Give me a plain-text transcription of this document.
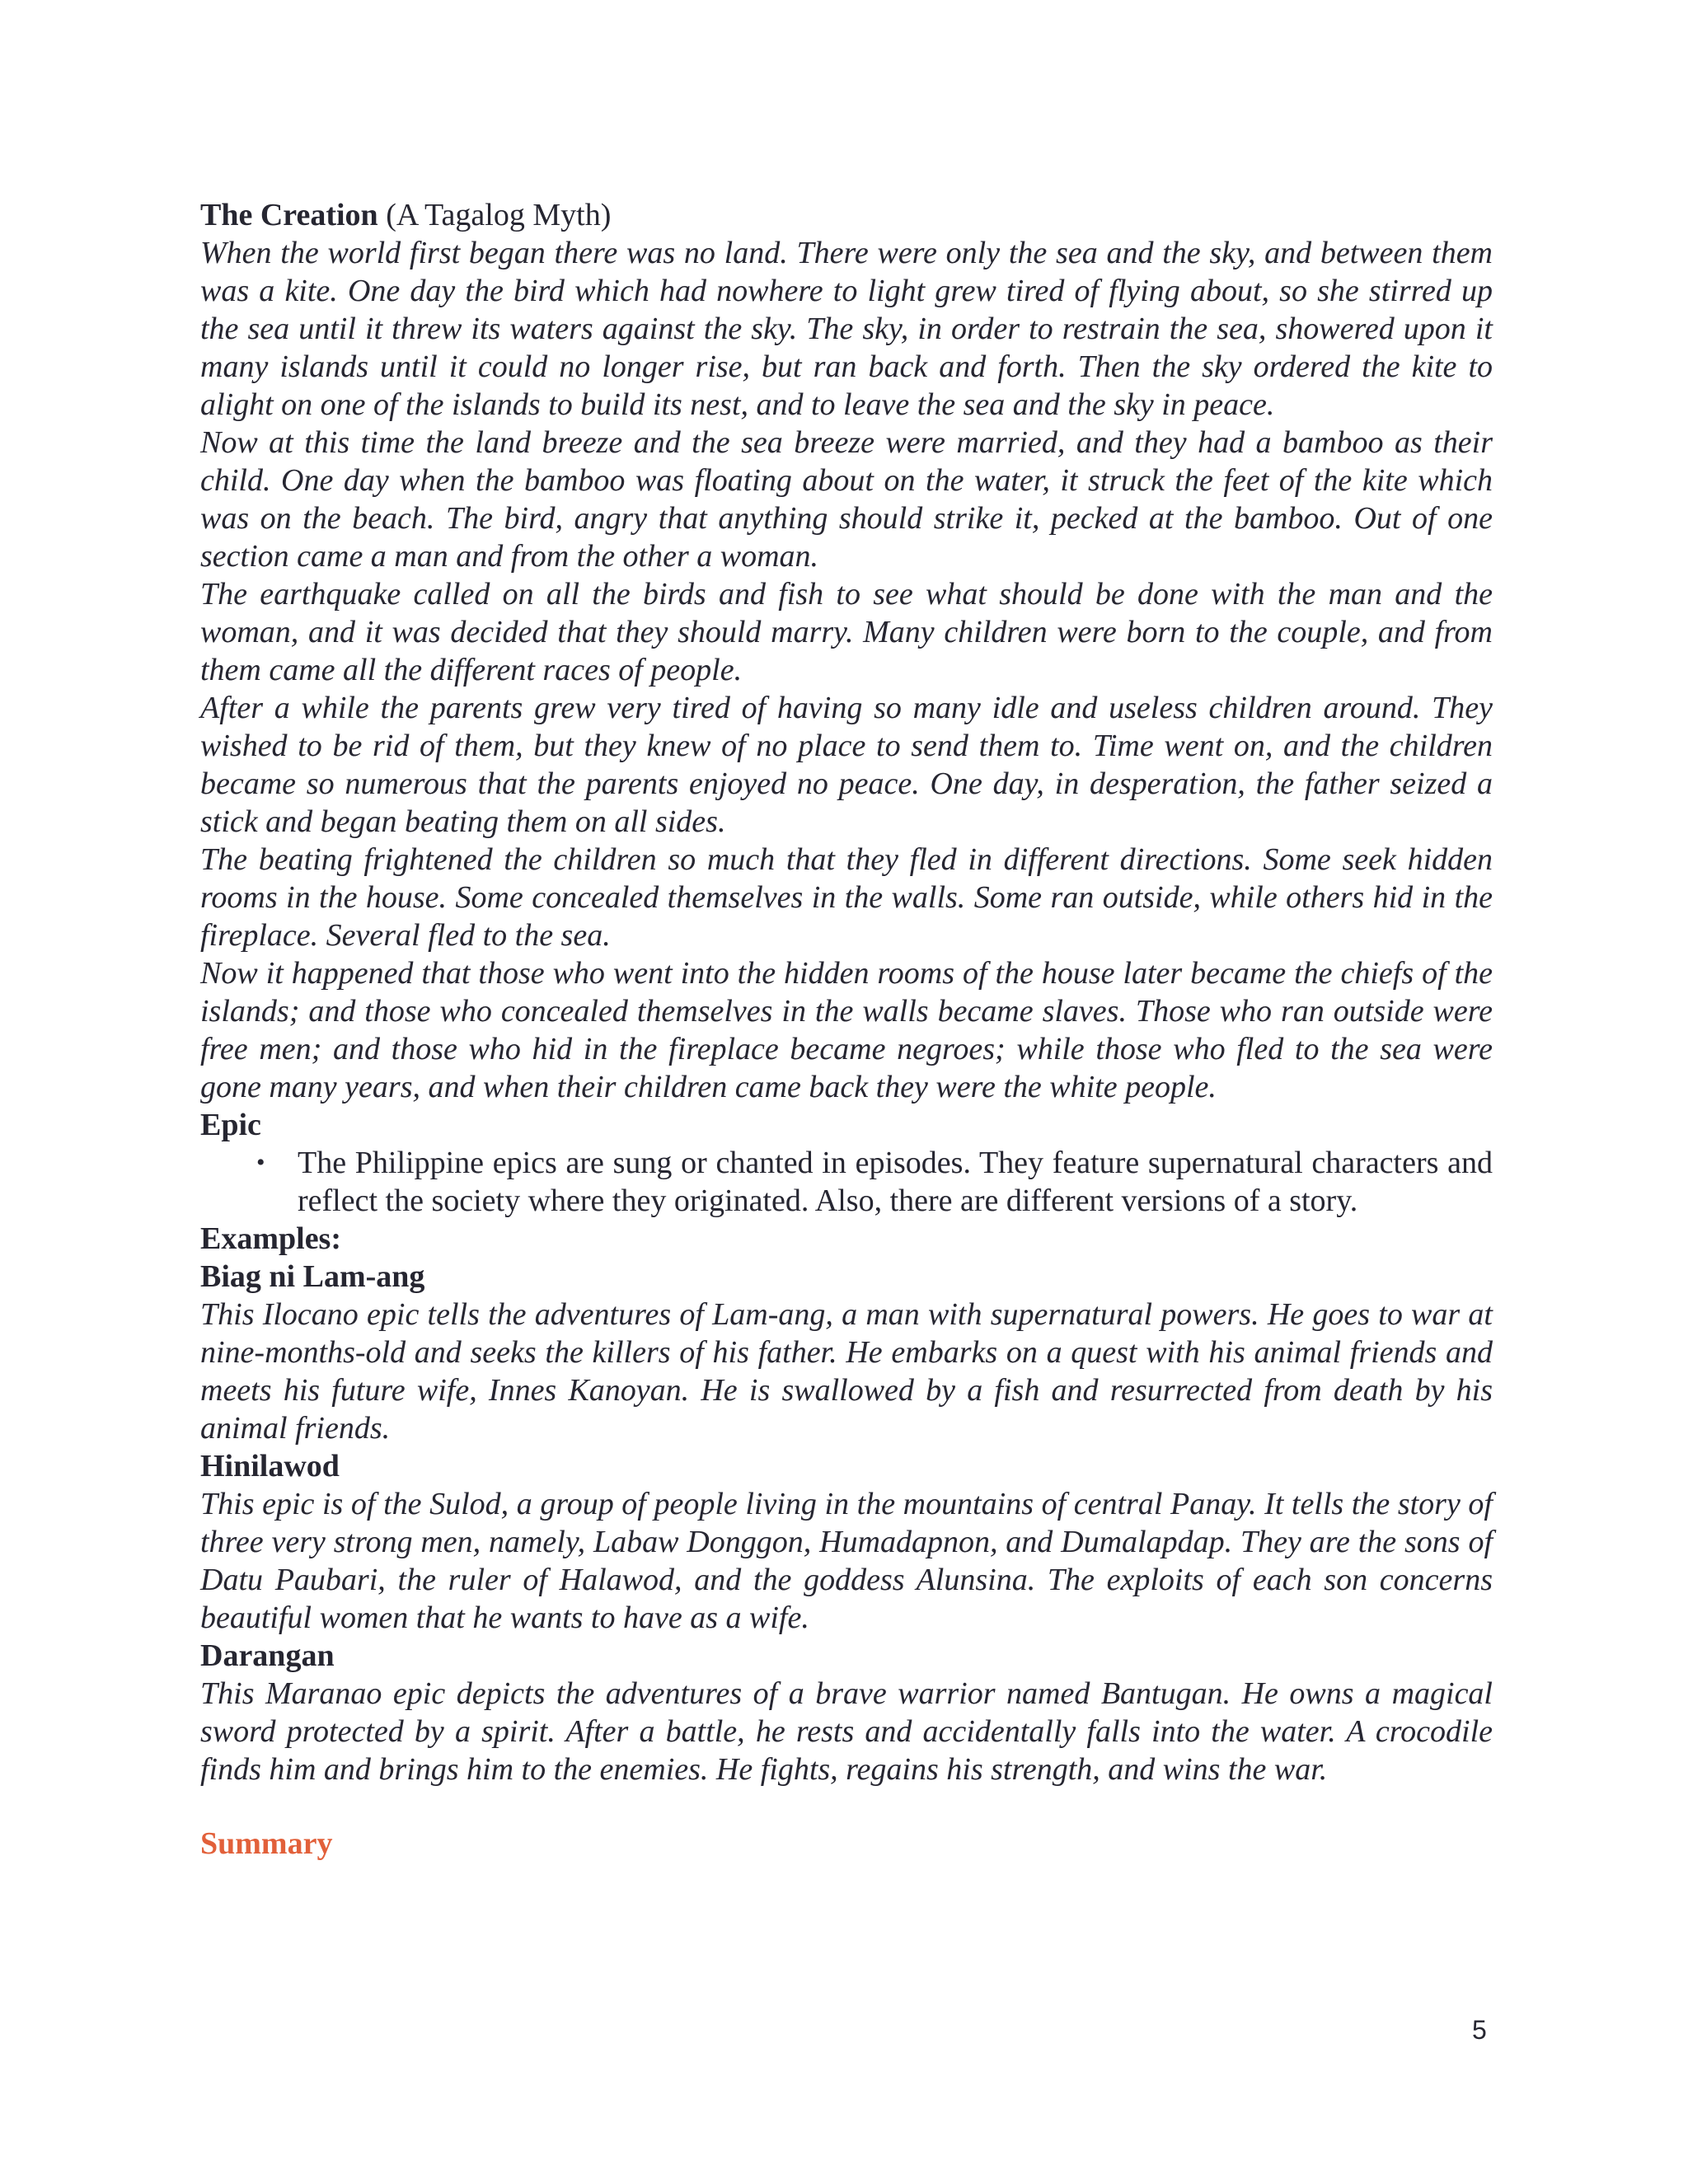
The Creation (A Tagalog Myth)

When the world first began there was no land. There were only the sea and the sky, and between them was a kite. One day the bird which had nowhere to light grew tired of flying about, so she stirred up the sea until it threw its waters against the sky. The sky, in order to restrain the sea, showered upon it many islands until it could no longer rise, but ran back and forth. Then the sky ordered the kite to alight on one of the islands to build its nest, and to leave the sea and the sky in peace.

Now at this time the land breeze and the sea breeze were married, and they had a bamboo as their child. One day when the bamboo was floating about on the water, it struck the feet of the kite which was on the beach. The bird, angry that anything should strike it, pecked at the bamboo. Out of one section came a man and from the other a woman.

The earthquake called on all the birds and fish to see what should be done with the man and the woman, and it was decided that they should marry. Many children were born to the couple, and from them came all the different races of people.

After a while the parents grew very tired of having so many idle and useless children around. They wished to be rid of them, but they knew of no place to send them to. Time went on, and the children became so numerous that the parents enjoyed no peace. One day, in desperation, the father seized a stick and began beating them on all sides.

The beating frightened the children so much that they fled in different directions. Some seek hidden rooms in the house. Some concealed themselves in the walls. Some ran outside, while others hid in the fireplace. Several fled to the sea.

Now it happened that those who went into the hidden rooms of the house later became the chiefs of the islands; and those who concealed themselves in the walls became slaves. Those who ran outside were free men; and those who hid in the fireplace became negroes; while those who fled to the sea were gone many years, and when their children came back they were the white people.

Epic

• The Philippine epics are sung or chanted in episodes. They feature supernatural characters and reflect the society where they originated. Also, there are different versions of a story.

Examples:

Biag ni Lam-ang

This Ilocano epic tells the adventures of Lam-ang, a man with supernatural powers. He goes to war at nine-months-old and seeks the killers of his father. He embarks on a quest with his animal friends and meets his future wife, Innes Kanoyan. He is swallowed by a fish and resurrected from death by his animal friends.

Hinilawod

This epic is of the Sulod, a group of people living in the mountains of central Panay. It tells the story of three very strong men, namely, Labaw Donggon, Humadapnon, and Dumalapdap. They are the sons of Datu Paubari, the ruler of Halawod, and the goddess Alunsina. The exploits of each son concerns beautiful women that he wants to have as a wife.

Darangan

This Maranao epic depicts the adventures of a brave warrior named Bantugan. He owns a magical sword protected by a spirit. After a battle, he rests and accidentally falls into the water. A crocodile finds him and brings him to the enemies. He fights, regains his strength, and wins the war.

Summary

5
